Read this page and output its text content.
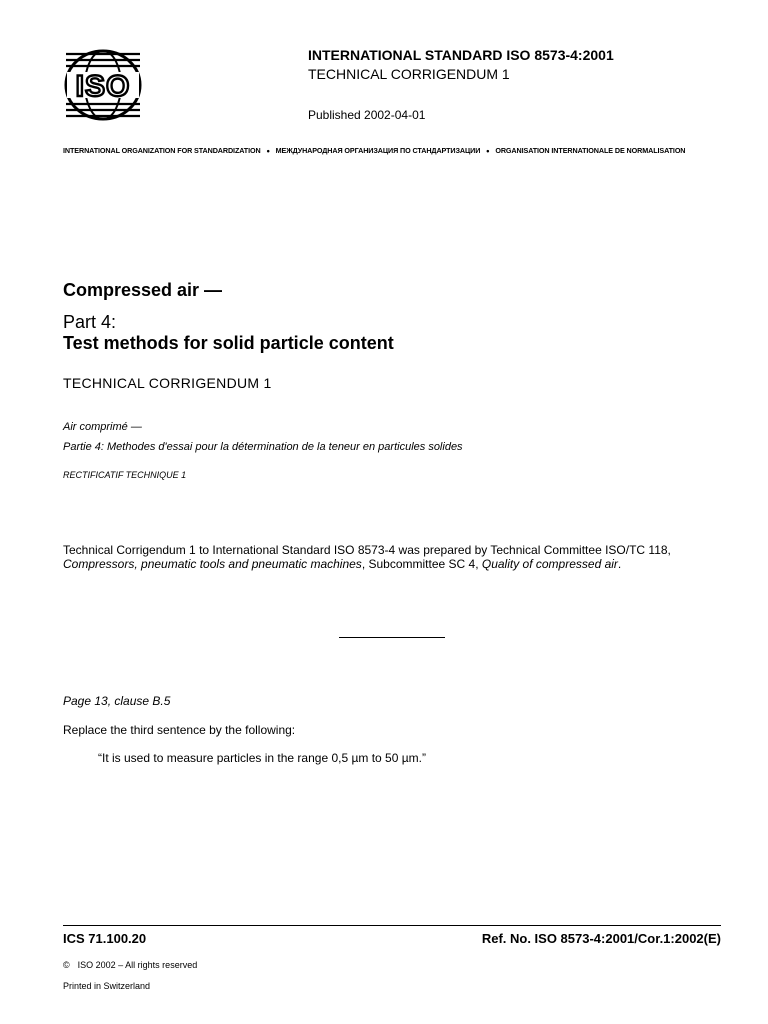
ISO
INTERNATIONAL STANDARD ISO 8573-4:2001
TECHNICAL CORRIGENDUM 1
Published 2002-04-01
INTERNATIONAL ORGANIZATION FOR STANDARDIZATION • МЕЖДУНАРОДНАЯ ОРГАНИЗАЦИЯ ПО СТАНДАРТИЗАЦИИ • ORGANISATION INTERNATIONALE DE NORMALISATION
Compressed air —
Part 4:
Test methods for solid particle content
TECHNICAL CORRIGENDUM 1
Air comprimé —
Partie 4: Methodes d'essai pour la détermination de la teneur en particules solides
RECTIFICATIF TECHNIQUE 1
Technical Corrigendum 1 to International Standard ISO 8573-4 was prepared by Technical Committee ISO/TC 118, Compressors, pneumatic tools and pneumatic machines, Subcommittee SC 4, Quality of compressed air.
Page 13, clause B.5
Replace the third sentence by the following:
“It is used to measure particles in the range 0,5 µm to 50 µm.”
ICS 71.100.20	Ref. No. ISO 8573-4:2001/Cor.1:2002(E)
© ISO 2002 – All rights reserved
Printed in Switzerland
